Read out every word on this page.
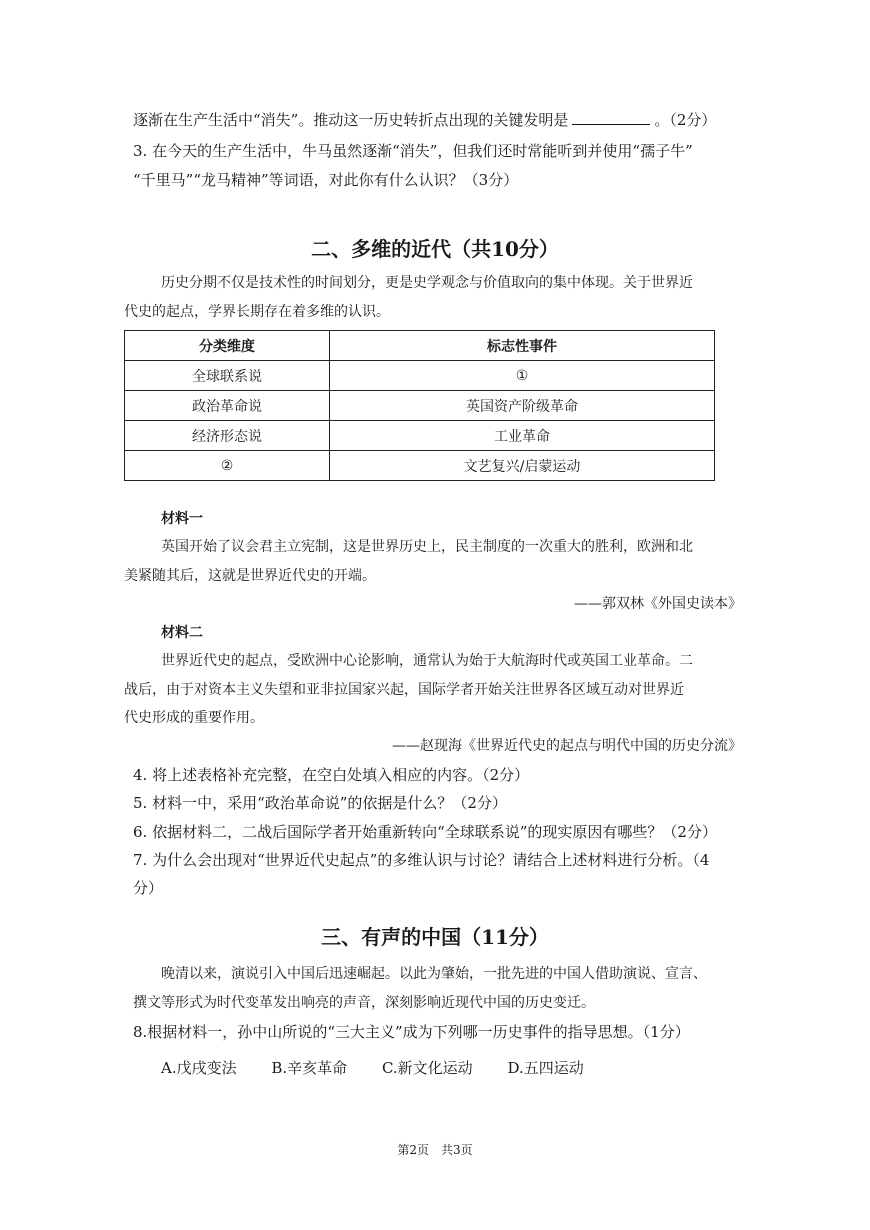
逐渐在生产生活中“消失”。推动这一历史转折点出现的关键发明是	。（2分）
3. 在今天的生产生活中，牛马虽然逐渐“消失”，但我们还时常能听到并使用“孺子牛”
“千里马”“龙马精神”等词语，对此你有什么认识？（3分）
二、多维的近代（共10分）
历史分期不仅是技术性的时间划分，更是史学观念与价值取向的集中体现。关于世界近
代史的起点，学界长期存在着多维的认识。
分类维度	标志性事件
全球联系说	①
政治革命说	英国资产阶级革命
经济形态说	工业革命
②	文艺复兴/启蒙运动
材料一
英国开始了议会君主立宪制，这是世界历史上，民主制度的一次重大的胜利，欧洲和北
美紧随其后，这就是世界近代史的开端。
——郭双林《外国史读本》
材料二
世界近代史的起点，受欧洲中心论影响，通常认为始于大航海时代或英国工业革命。二
战后，由于对资本主义失望和亚非拉国家兴起，国际学者开始关注世界各区域互动对世界近
代史形成的重要作用。
——赵现海《世界近代史的起点与明代中国的历史分流》
4. 将上述表格补充完整，在空白处填入相应的内容。（2分）
5. 材料一中，采用“政治革命说”的依据是什么？（2分）
6. 依据材料二，二战后国际学者开始重新转向“全球联系说”的现实原因有哪些？（2分）
7. 为什么会出现对“世界近代史起点”的多维认识与讨论？请结合上述材料进行分析。（4
分）
三、有声的中国（11分）
晚清以来，演说引入中国后迅速崛起。以此为肇始，一批先进的中国人借助演说、宣言、
撰文等形式为时代变革发出响亮的声音，深刻影响近现代中国的历史变迁。
8.根据材料一，孙中山所说的“三大主义”成为下列哪一历史事件的指导思想。（1分）
A.戊戌变法 B.辛亥革命 C.新文化运动 D.五四运动
第2页　共3页
